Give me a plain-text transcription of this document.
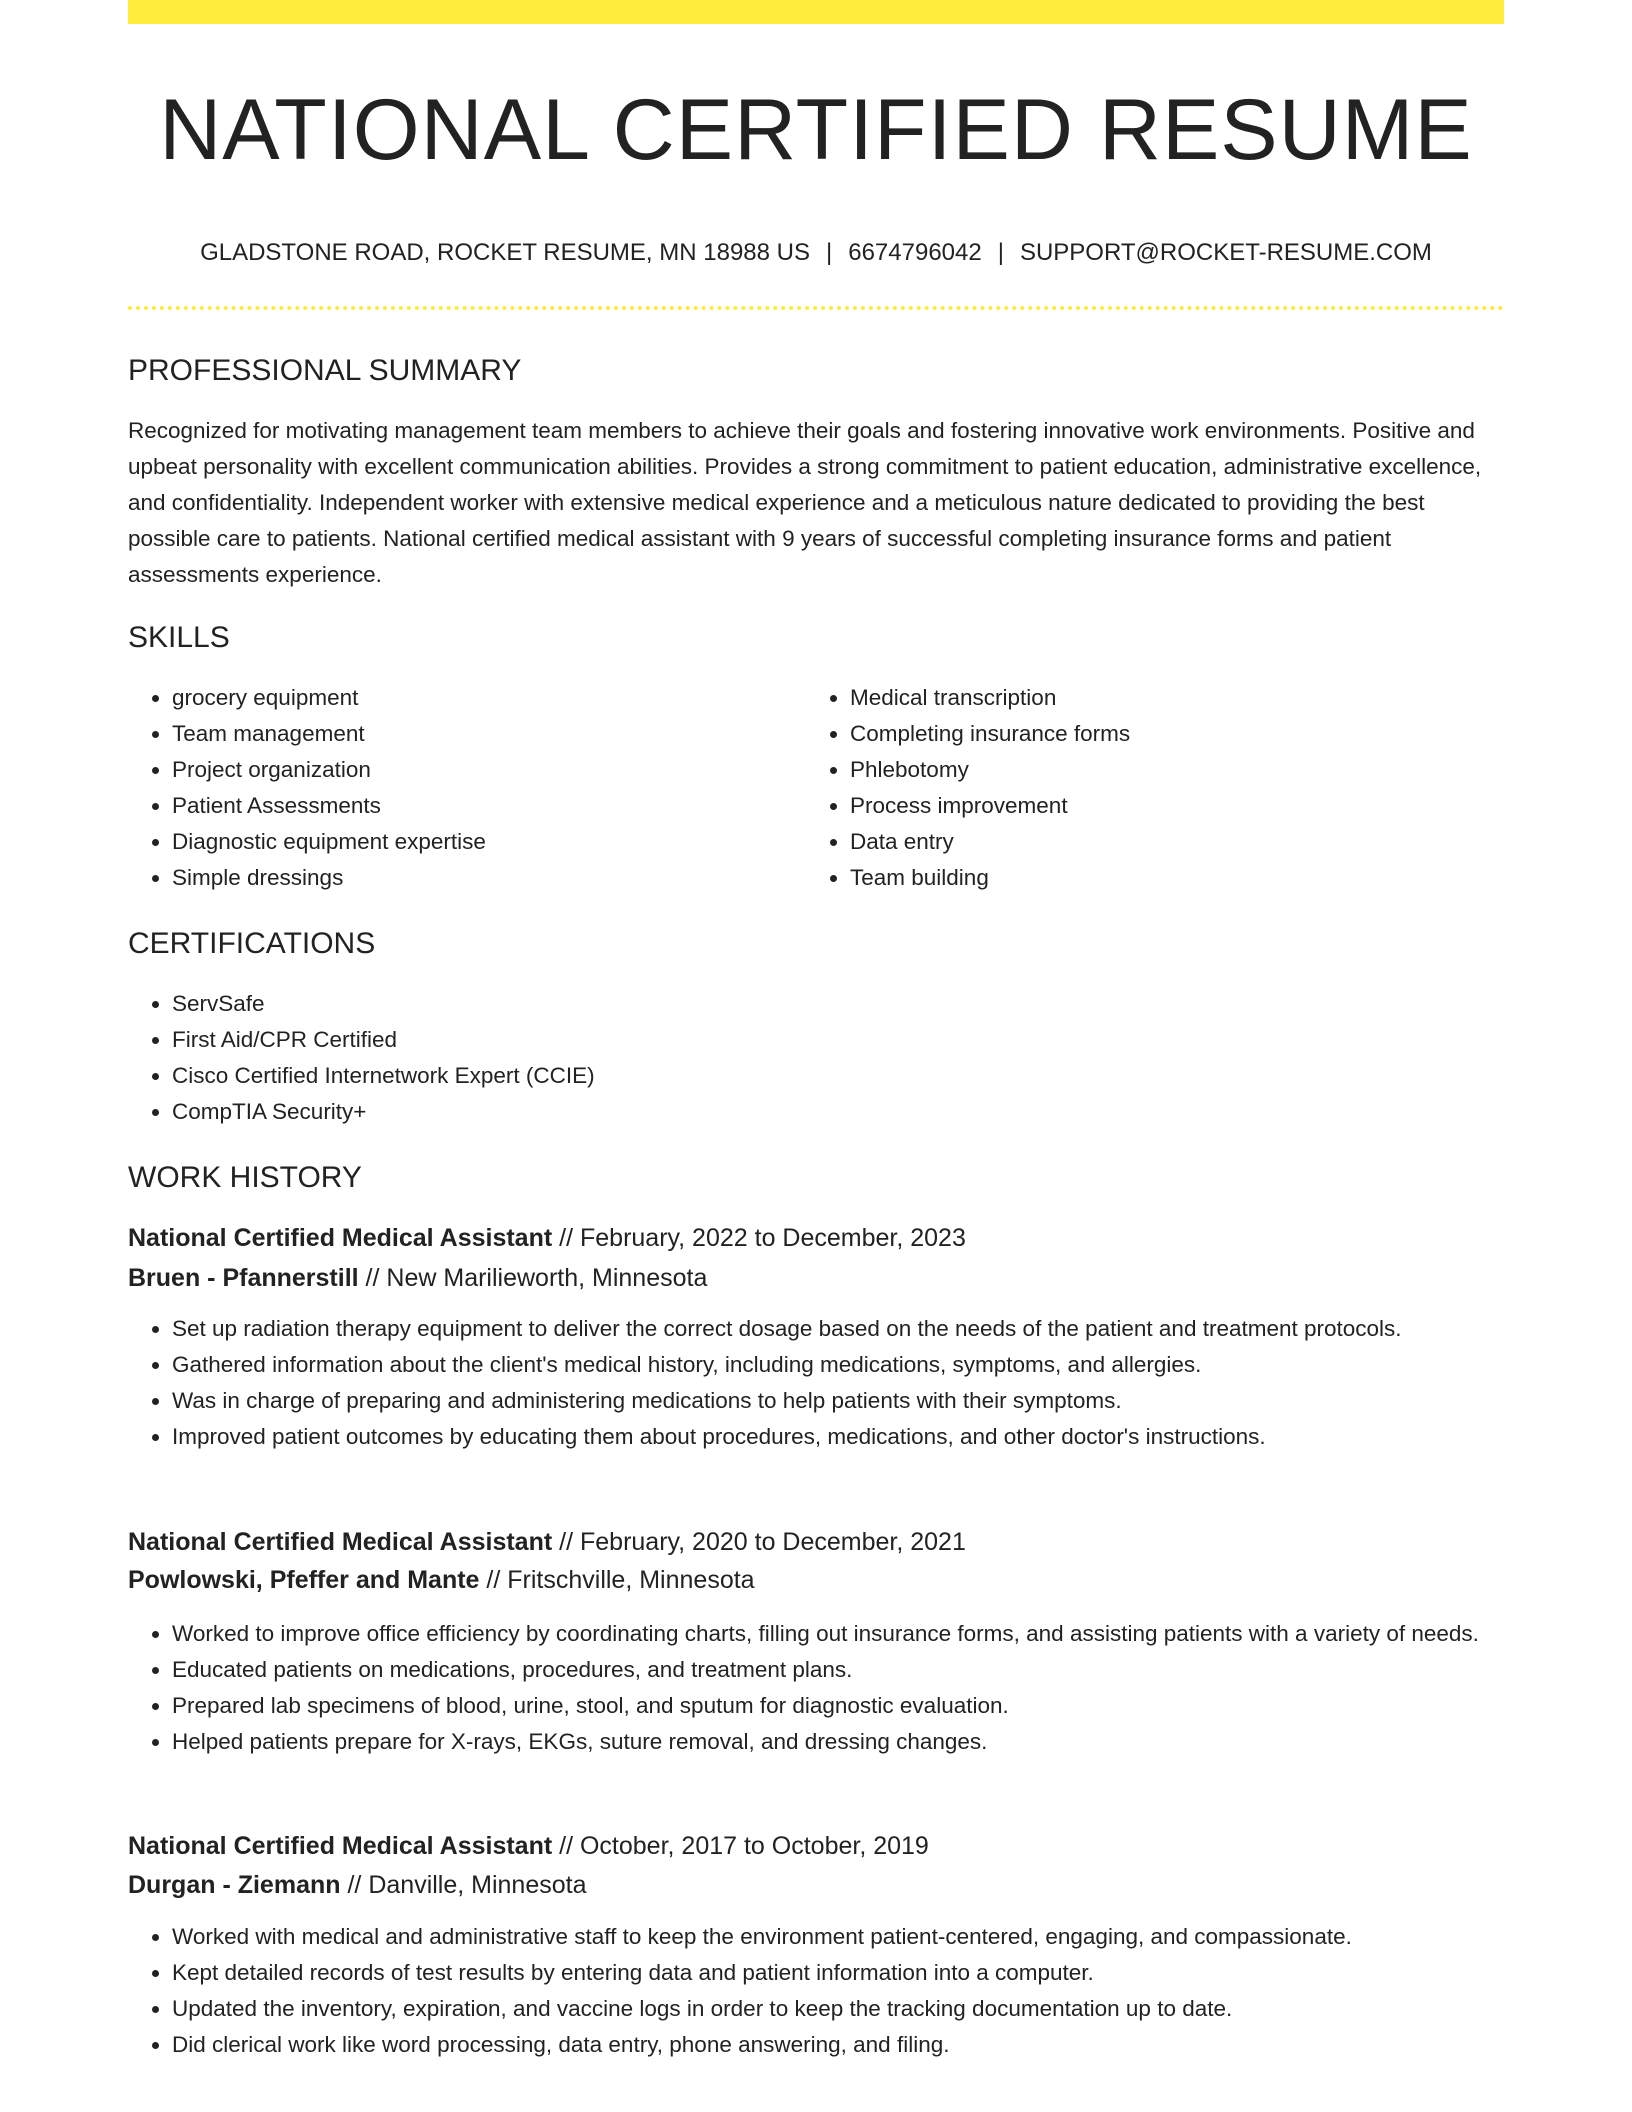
NATIONAL CERTIFIED RESUME
GLADSTONE ROAD, ROCKET RESUME, MN 18988 US | 6674796042 | SUPPORT@ROCKET-RESUME.COM
PROFESSIONAL SUMMARY

Recognized for motivating management team members to achieve their goals and fostering innovative work environments. Positive and upbeat personality with excellent communication abilities. Provides a strong commitment to patient education, administrative excellence, and confidentiality. Independent worker with extensive medical experience and a meticulous nature dedicated to providing the best possible care to patients. National certified medical assistant with 9 years of successful completing insurance forms and patient assessments experience.

SKILLS
• grocery equipment
• Team management
• Project organization
• Patient Assessments
• Diagnostic equipment expertise
• Simple dressings
• Medical transcription
• Completing insurance forms
• Phlebotomy
• Process improvement
• Data entry
• Team building
CERTIFICATIONS
• ServSafe
• First Aid/CPR Certified
• Cisco Certified Internetwork Expert (CCIE)
• CompTIA Security+
WORK HISTORY
National Certified Medical Assistant // February, 2022 to December, 2023
Bruen - Pfannerstill // New Marilieworth, Minnesota
• Set up radiation therapy equipment to deliver the correct dosage based on the needs of the patient and treatment protocols.
• Gathered information about the client's medical history, including medications, symptoms, and allergies.
• Was in charge of preparing and administering medications to help patients with their symptoms.
• Improved patient outcomes by educating them about procedures, medications, and other doctor's instructions.
National Certified Medical Assistant // February, 2020 to December, 2021
Powlowski, Pfeffer and Mante // Fritschville, Minnesota
• Worked to improve office efficiency by coordinating charts, filling out insurance forms, and assisting patients with a variety of needs.
• Educated patients on medications, procedures, and treatment plans.
• Prepared lab specimens of blood, urine, stool, and sputum for diagnostic evaluation.
• Helped patients prepare for X-rays, EKGs, suture removal, and dressing changes.
National Certified Medical Assistant // October, 2017 to October, 2019
Durgan - Ziemann // Danville, Minnesota
• Worked with medical and administrative staff to keep the environment patient-centered, engaging, and compassionate.
• Kept detailed records of test results by entering data and patient information into a computer.
• Updated the inventory, expiration, and vaccine logs in order to keep the tracking documentation up to date.
• Did clerical work like word processing, data entry, phone answering, and filing.
